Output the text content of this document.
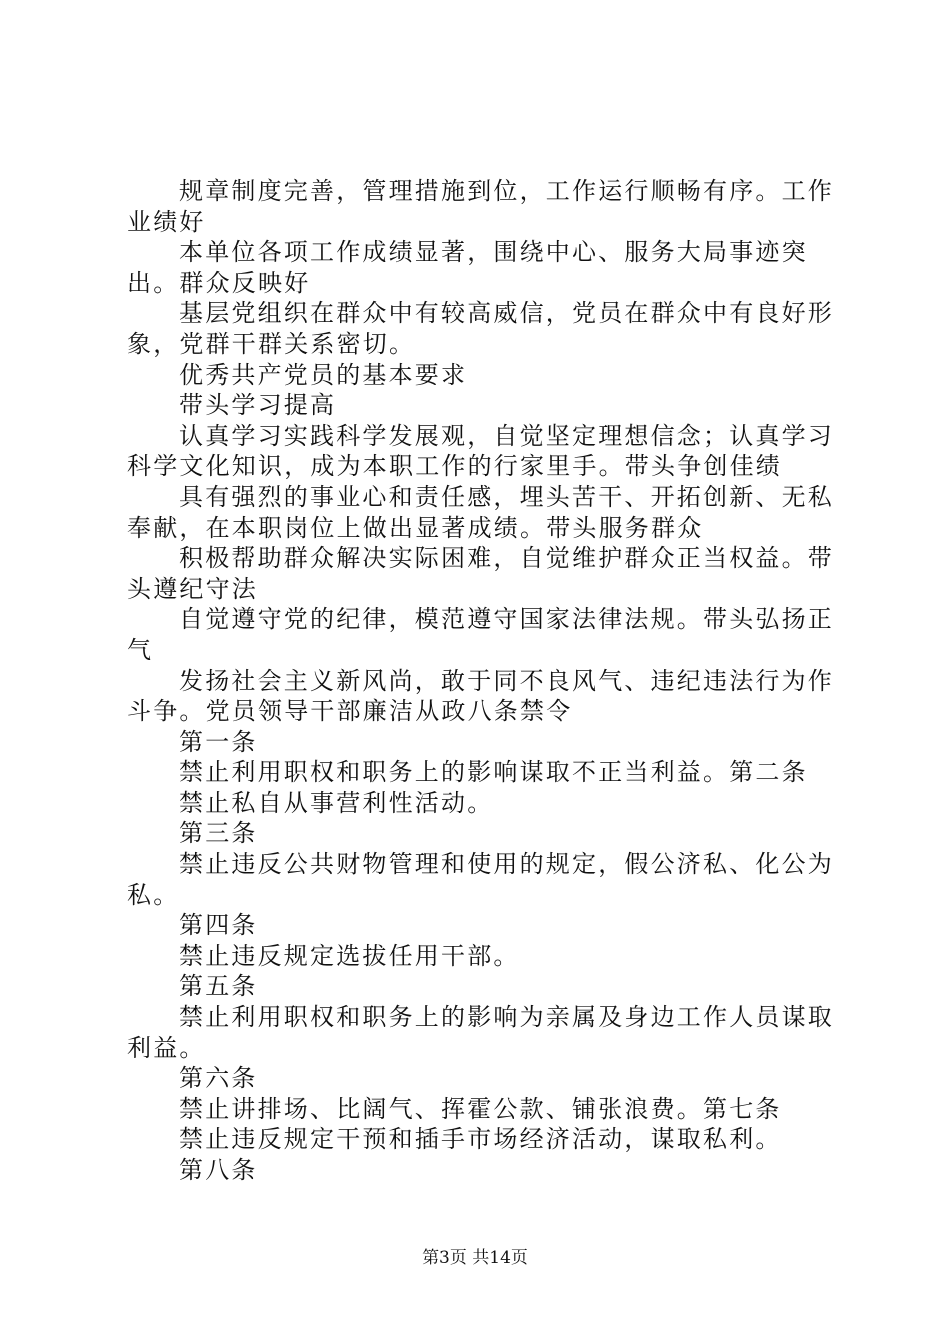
规章制度完善，管理措施到位，工作运行顺畅有序。工作业绩好

本单位各项工作成绩显著，围绕中心、服务大局事迹突出。群众反映好

基层党组织在群众中有较高威信，党员在群众中有良好形象，党群干群关系密切。

优秀共产党员的基本要求

带头学习提高

认真学习实践科学发展观，自觉坚定理想信念；认真学习科学文化知识，成为本职工作的行家里手。带头争创佳绩

具有强烈的事业心和责任感，埋头苦干、开拓创新、无私奉献，在本职岗位上做出显著成绩。带头服务群众

积极帮助群众解决实际困难，自觉维护群众正当权益。带头遵纪守法

自觉遵守党的纪律，模范遵守国家法律法规。带头弘扬正气

发扬社会主义新风尚，敢于同不良风气、违纪违法行为作斗争。党员领导干部廉洁从政八条禁令

第一条

禁止利用职权和职务上的影响谋取不正当利益。第二条

禁止私自从事营利性活动。

第三条

禁止违反公共财物管理和使用的规定，假公济私、化公为私。

第四条

禁止违反规定选拔任用干部。

第五条

禁止利用职权和职务上的影响为亲属及身边工作人员谋取利益。

第六条

禁止讲排场、比阔气、挥霍公款、铺张浪费。第七条

禁止违反规定干预和插手市场经济活动，谋取私利。

第八条

第3页 共14页
